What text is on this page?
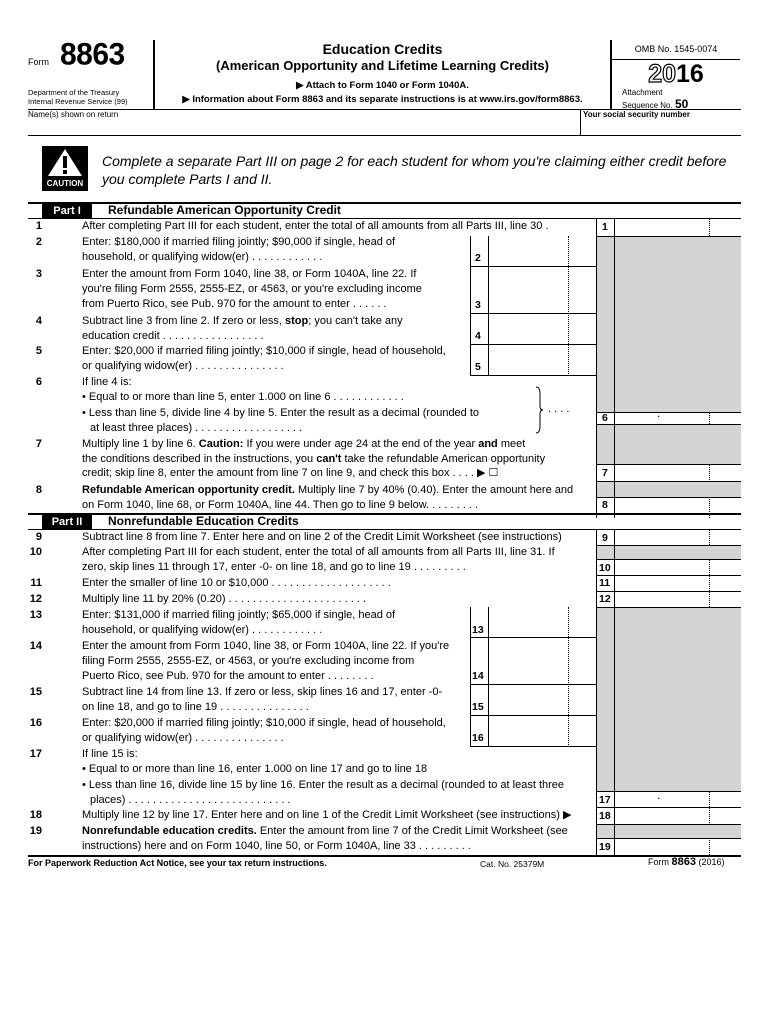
Form 8863
Department of the Treasury
Internal Revenue Service (99)
Education Credits
(American Opportunity and Lifetime Learning Credits)
▶ Attach to Form 1040 or Form 1040A.
▶ Information about Form 8863 and its separate instructions is at www.irs.gov/form8863.
OMB No. 1545-0074
2016
Attachment
Sequence No. 50
Name(s) shown on return	Your social security number
CAUTION
Complete a separate Part III on page 2 for each student for whom you're claiming either credit before
you complete Parts I and II.
Part I	Refundable American Opportunity Credit
1	After completing Part III for each student, enter the total of all amounts from all Parts III, line 30 .	1
2	Enter: $180,000 if married filing jointly; $90,000 if single, head of
household, or qualifying widow(er) . . . . . . . . . . . .	2
3	Enter the amount from Form 1040, line 38, or Form 1040A, line 22. If
you're filing Form 2555, 2555-EZ, or 4563, or you're excluding income
from Puerto Rico, see Pub. 970 for the amount to enter . . . . . .	3
4	Subtract line 3 from line 2. If zero or less, stop; you can't take any
education credit . . . . . . . . . . . . . . . . .	4
5	Enter: $20,000 if married filing jointly; $10,000 if single, head of household,
or qualifying widow(er) . . . . . . . . . . . . . . .	5
6	If line 4 is:
• Equal to or more than line 5, enter 1.000 on line 6 . . . . . . . . . . . .
• Less than line 5, divide line 4 by line 5. Enter the result as a decimal (rounded to
at least three places) . . . . . . . . . . . . . . . . . .
. . . .
6	.
7	Multiply line 1 by line 6. Caution: If you were under age 24 at the end of the year and meet
the conditions described in the instructions, you can't take the refundable American opportunity
credit; skip line 8, enter the amount from line 7 on line 9, and check this box . . . . ▶ ☐	7
8	Refundable American opportunity credit. Multiply line 7 by 40% (0.40). Enter the amount here and
on Form 1040, line 68, or Form 1040A, line 44. Then go to line 9 below. . . . . . . . .	8
Part II	Nonrefundable Education Credits
9	Subtract line 8 from line 7. Enter here and on line 2 of the Credit Limit Worksheet (see instructions)	9
10	After completing Part III for each student, enter the total of all amounts from all Parts III, line 31. If
zero, skip lines 11 through 17, enter -0- on line 18, and go to line 19 . . . . . . . . .	10
11	Enter the smaller of line 10 or $10,000 . . . . . . . . . . . . . . . . . . . .	11
12	Multiply line 11 by 20% (0.20) . . . . . . . . . . . . . . . . . . . . . . .	12
13	Enter: $131,000 if married filing jointly; $65,000 if single, head of
household, or qualifying widow(er) . . . . . . . . . . . .	13
14	Enter the amount from Form 1040, line 38, or Form 1040A, line 22. If you're
filing Form 2555, 2555-EZ, or 4563, or you're excluding income from
Puerto Rico, see Pub. 970 for the amount to enter . . . . . . . .	14
15	Subtract line 14 from line 13. If zero or less, skip lines 16 and 17, enter -0-
on line 18, and go to line 19 . . . . . . . . . . . . . . .	15
16	Enter: $20,000 if married filing jointly; $10,000 if single, head of household,
or qualifying widow(er) . . . . . . . . . . . . . . .	16
17	If line 15 is:
• Equal to or more than line 16, enter 1.000 on line 17 and go to line 18
• Less than line 16, divide line 15 by line 16. Enter the result as a decimal (rounded to at least three
places) . . . . . . . . . . . . . . . . . . . . . . . . . . .	17	.
18	Multiply line 12 by line 17. Enter here and on line 1 of the Credit Limit Worksheet (see instructions) ▶	18
19	Nonrefundable education credits. Enter the amount from line 7 of the Credit Limit Worksheet (see
instructions) here and on Form 1040, line 50, or Form 1040A, line 33 . . . . . . . . .	19
For Paperwork Reduction Act Notice, see your tax return instructions.	Cat. No. 25379M	Form 8863 (2016)
